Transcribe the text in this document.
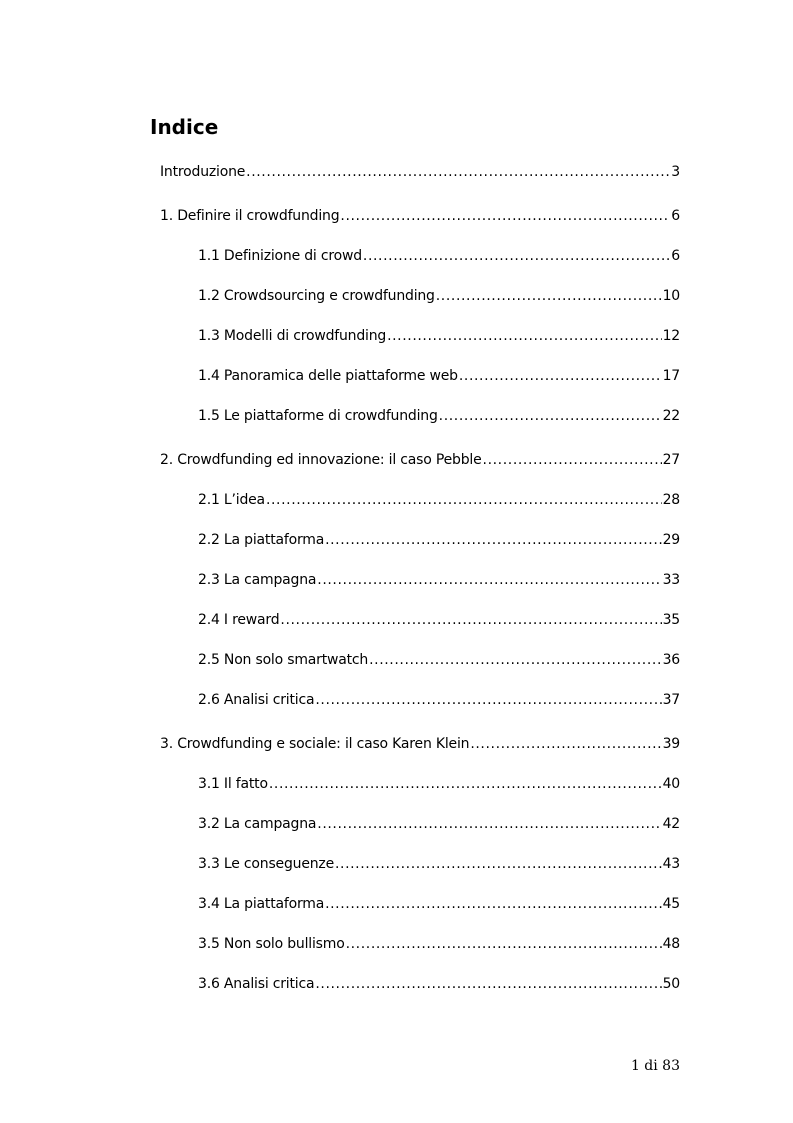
Indice
Introduzione .....	3
1. Definire il crowdfunding .....	6
1.1 Definizione di crowd .....	6
1.2 Crowdsourcing e crowdfunding .....	10
1.3 Modelli di crowdfunding .....	12
1.4 Panoramica delle piattaforme web .....	17
1.5 Le piattaforme di crowdfunding .....	22
2. Crowdfunding ed innovazione: il caso Pebble .....	27
2.1 L’idea .....	28
2.2 La piattaforma .....	29
2.3 La campagna .....	33
2.4 I reward .....	35
2.5 Non solo smartwatch .....	36
2.6 Analisi critica .....	37
3. Crowdfunding e sociale: il caso Karen Klein .....	39
3.1 Il fatto .....	40
3.2 La campagna .....	42
3.3 Le conseguenze .....	43
3.4 La piattaforma .....	45
3.5 Non solo bullismo .....	48
3.6 Analisi critica .....	50
1 di 83
